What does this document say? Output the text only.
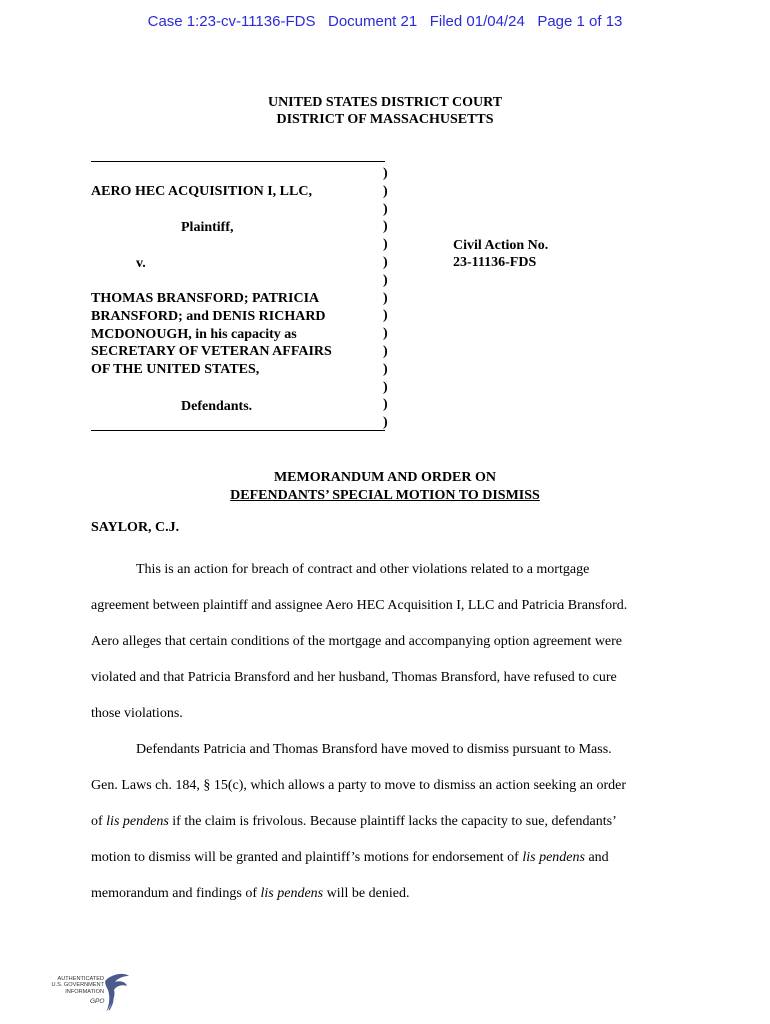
Case 1:23-cv-11136-FDS Document 21 Filed 01/04/24 Page 1 of 13
UNITED STATES DISTRICT COURT
DISTRICT OF MASSACHUSETTS
AERO HEC ACQUISITION I, LLC,
Plaintiff,
v.
THOMAS BRANSFORD; PATRICIA
BRANSFORD; and DENIS RICHARD
MCDONOUGH, in his capacity as
SECRETARY OF VETERAN AFFAIRS
OF THE UNITED STATES,
Defendants.
)
)
)
)
)
)
)
)
)
)
)
)
)
)
)
Civil Action No.
23-11136-FDS
MEMORANDUM AND ORDER ON
DEFENDANTS’ SPECIAL MOTION TO DISMISS
SAYLOR, C.J.
This is an action for breach of contract and other violations related to a mortgage
agreement between plaintiff and assignee Aero HEC Acquisition I, LLC and Patricia Bransford.
Aero alleges that certain conditions of the mortgage and accompanying option agreement were
violated and that Patricia Bransford and her husband, Thomas Bransford, have refused to cure
those violations.
Defendants Patricia and Thomas Bransford have moved to dismiss pursuant to Mass.
Gen. Laws ch. 184, § 15(c), which allows a party to move to dismiss an action seeking an order
of lis pendens if the claim is frivolous. Because plaintiff lacks the capacity to sue, defendants’
motion to dismiss will be granted and plaintiff’s motions for endorsement of lis pendens and
memorandum and findings of lis pendens will be denied.
AUTHENTICATED
U.S. GOVERNMENT
INFORMATION
GPO
